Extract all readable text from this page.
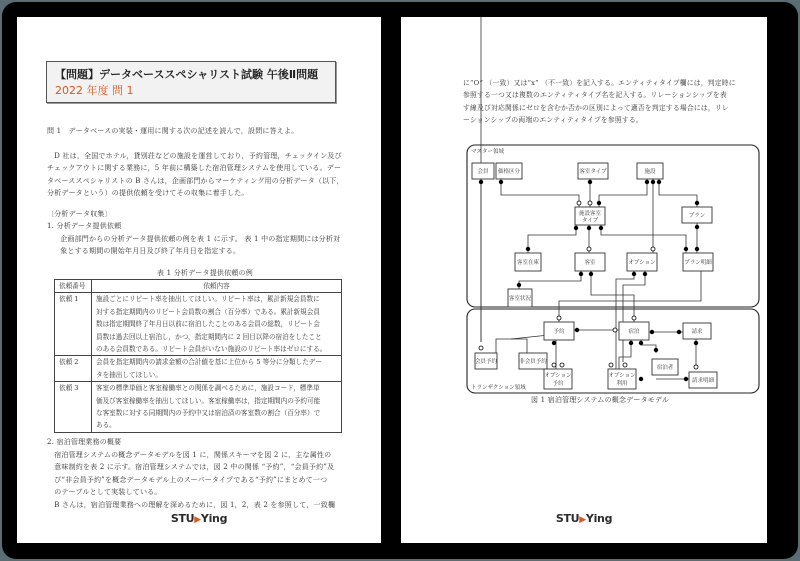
【問題】データベーススペシャリスト試験 午後Ⅱ問題
2022 年度 問 1
問 1　データベースの実装・運用に関する次の記述を読んで，設問に答えよ。
　D 社は，全国でホテル，貸別荘などの施設を運営しており，予約管理，チェックイン及び
チェックアウトに関する業務に，5 年前に構築した宿泊管理システムを使用している。デー
タベーススペシャリストの B さんは，企画部門からマーケティング用の分析データ（以下，
分析データという）の提供依頼を受けてその収集に着手した。
〔分析データ収集〕
1. 分析データ提供依頼
　企画部門からの分析データ提供依頼の例を表 1 に示す。 表 1 中の指定期間には分析対
　象とする期間の開始年月日及び終了年月日を指定する。
表 1 分析データ提供依頼の例
依頼番号	依頼内容
依頼 1	施設ごとにリピート率を抽出してほしい。リピート率は，累計新規会員数に
対する指定期間内のリピート会員数の割合（百分率）である。累計新規会員
数は指定期間終了年月日以前に宿泊したことのある会員の総数，リピート会
員数は過去回以上宿泊し，かつ，指定期間内に 2 回目以降の宿泊をしたこと
のある会員数である。リピート会員がいない施設のリピート率はゼロにする。

依頼 2	会員を指定期間内の請求金額の合計値を基に上位から 5 等分に分類したデー
タを抽出してほしい。

依頼 3	客室の標準単価と客室稼働率との関係を調べるために，施設コード，標準単
価及び客室稼働率を抽出してほしい。客室稼働率は，指定期間内の予約可能
な客室数に対する同期間内の予約中又は宿泊済の客室数の割合（百分率）で
ある。
2. 宿泊管理業務の概要
　宿泊管理システムの概念データモデルを図 1 に，関係スキーマを図 2 に，主な属性の
　意味制約を表 2 に示す。宿泊管理システムでは，図 2 中の関係 “予約”，“会員予約”及
　び“非会員予約”を概念データモデル上のスーパータイプである“予約”にまとめて一つ
　のテーブルとして実装している。
　B さんは，宿泊管理業務への理解を深めるために，図 1，2，表 2 を参照して，一致欄
STU▶Ying
に“O” （一致）又は“x” （不一致）を記入する。エンティティタイプ欄には，判定時に
参照する一つ又は複数のエンティティタイプ名を記入する。リレーションシップを表
す線及び対応関係にゼロを含むか否かの区別によって適否を判定する場合には，リレ
ーションシップの両端のエンティティタイプを参照する。
会員 価格区分	客室タイプ	施設
施設客室
タイプ
プラン
客室在庫	客室	オプション	プラン明細
客室状況
予約	宿泊	請求
会員予約	非会員予約
宿泊者
オプション
予約
オプション
利用	請求明細
マスター領域
トランザクション領域
図 1 宿泊管理システムの概念データモデル
STU▶Ying
